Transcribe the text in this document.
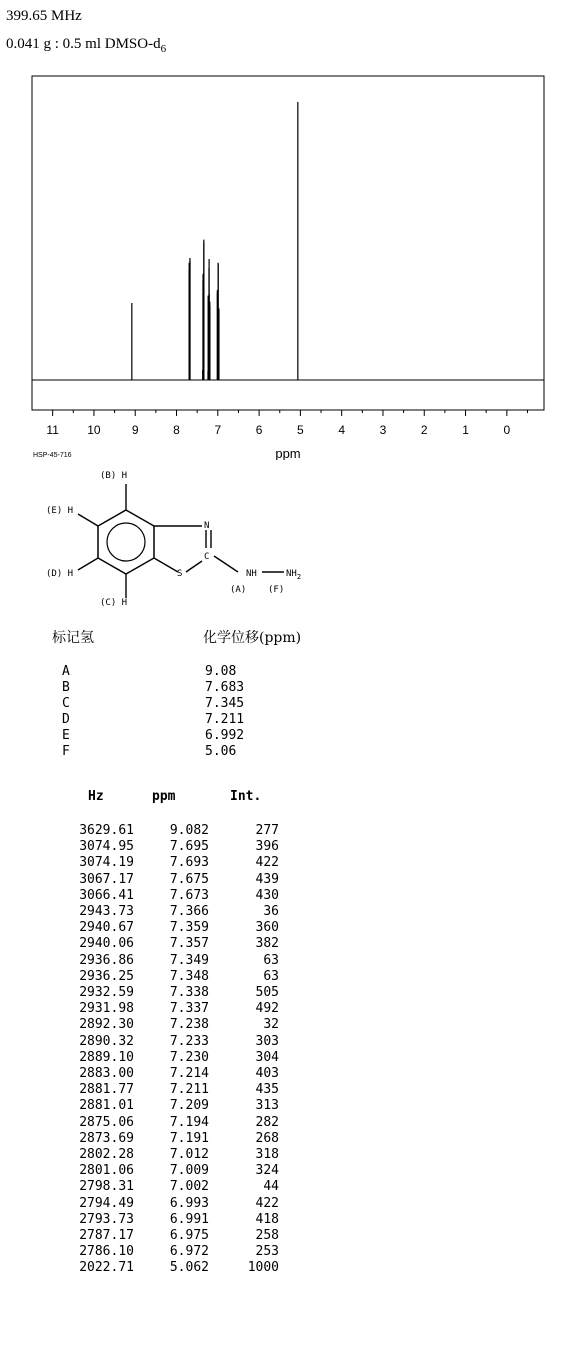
399.65 MHz
0.041 g : 0.5 ml DMSO-$d_6$
11 10	9	8	7	6	5	4	3	2	1	0
ppm
HSP-45-716
(B) H
(E) H
(D) H
(C) H
N
C
S	NH	$NH_2$
(A) (F)
标记氢	化学位移(ppm)
A	9.08
B	7.683
C	7.345
D	7.211
E	6.992
F	5.06
Hz	ppm	Int.
3629.61	9.082	277
3074.95	7.695	396
3074.19	7.693	422
3067.17	7.675	439
3066.41	7.673	430
2943.73	7.366	36
2940.67	7.359	360
2940.06	7.357	382
2936.86	7.349	63
2936.25	7.348	63
2932.59	7.338	505
2931.98	7.337	492
2892.30	7.238	32
2890.32	7.233	303
2889.10	7.230	304
2883.00	7.214	403
2881.77	7.211	435
2881.01	7.209	313
2875.06	7.194	282
2873.69	7.191	268
2802.28	7.012	318
2801.06	7.009	324
2798.31	7.002	44
2794.49	6.993	422
2793.73	6.991	418
2787.17	6.975	258
2786.10	6.972	253
2022.71	5.062	1000
